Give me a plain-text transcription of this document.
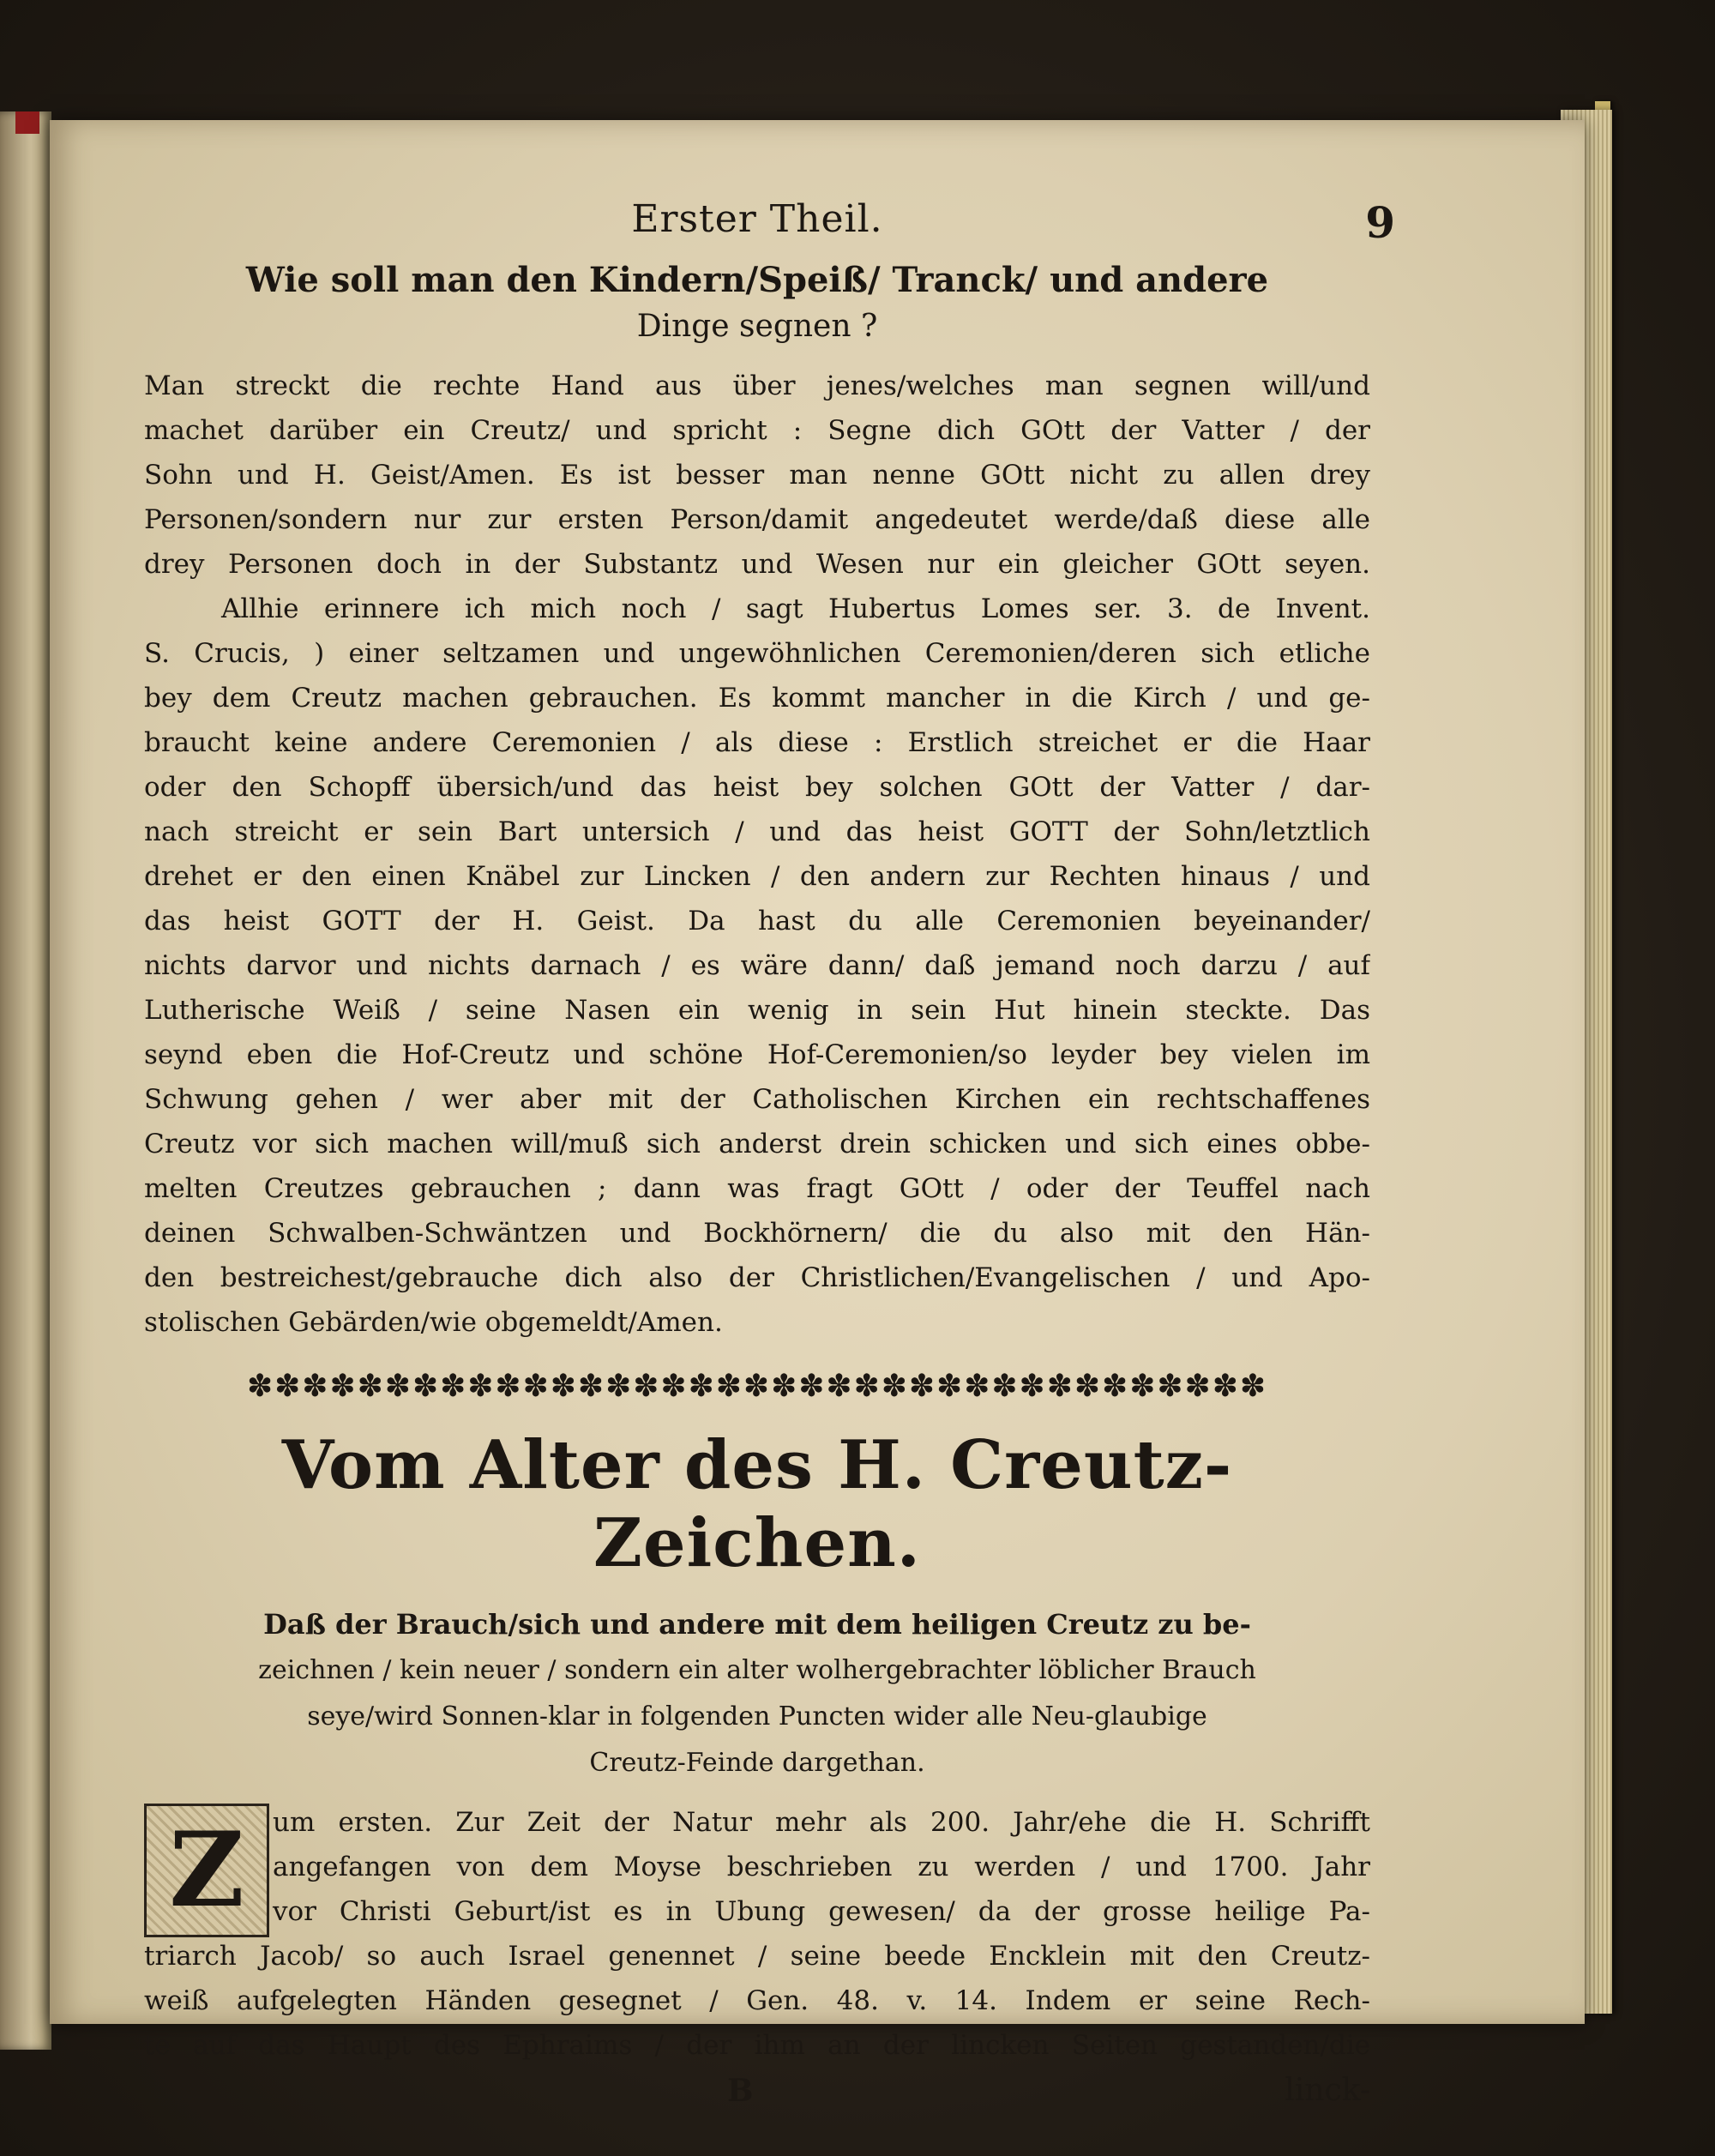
Erster Theil.	9
Wie soll man den Kindern/Speiß/ Tranck/ und andere
Dinge segnen ?
Man streckt die rechte Hand aus über jenes/welches man segnen will/und
machet darüber ein Creutz/ und spricht : Segne dich GOtt der Vatter / der
Sohn und H. Geist/Amen. Es ist besser man nenne GOtt nicht zu allen drey
Personen/sondern nur zur ersten Person/damit angedeutet werde/daß diese alle
drey Personen doch in der Substantz und Wesen nur ein gleicher GOtt seyen.
Allhie erinnere ich mich noch / sagt Hubertus Lomes ser. 3. de Invent.
S. Crucis, ) einer seltzamen und ungewöhnlichen Ceremonien/deren sich etliche
bey dem Creutz machen gebrauchen. Es kommt mancher in die Kirch / und ge-
braucht keine andere Ceremonien / als diese : Erstlich streichet er die Haar
oder den Schopff übersich/und das heist bey solchen GOtt der Vatter / dar-
nach streicht er sein Bart untersich / und das heist GOTT der Sohn/letztlich
drehet er den einen Knäbel zur Lincken / den andern zur Rechten hinaus / und
das heist GOTT der H. Geist. Da hast du alle Ceremonien beyeinander/
nichts darvor und nichts darnach / es wäre dann/ daß jemand noch darzu / auf
Lutherische Weiß / seine Nasen ein wenig in sein Hut hinein steckte. Das
seynd eben die Hof-Creutz und schöne Hof-Ceremonien/so leyder bey vielen im
Schwung gehen / wer aber mit der Catholischen Kirchen ein rechtschaffenes
Creutz vor sich machen will/muß sich anderst drein schicken und sich eines obbe-
melten Creutzes gebrauchen ; dann was fragt GOtt / oder der Teuffel nach
deinen Schwalben-Schwäntzen und Bockhörnern/ die du also mit den Hän-
den bestreichest/gebrauche dich also der Christlichen/Evangelischen / und Apo-
stolischen Gebärden/wie obgemeldt/Amen.
✽✽✽✽✽✽✽✽✽✽✽✽✽✽✽✽✽✽✽✽✽✽✽✽✽✽✽✽✽✽✽✽✽✽✽✽✽
Vom Alter des H. Creutz-Zeichen.
Daß der Brauch/sich und andere mit dem heiligen Creutz zu be-
zeichnen / kein neuer / sondern ein alter wolhergebrachter löblicher Brauch
seye/wird Sonnen-klar in folgenden Puncten wider alle Neu-glaubige
Creutz-Feinde dargethan.
Z	um ersten. Zur Zeit der Natur mehr als 200. Jahr/ehe die H. Schrifft
angefangen von dem Moyse beschrieben zu werden / und 1700. Jahr
vor Christi Geburt/ist es in Ubung gewesen/ da der grosse heilige Pa-
triarch Jacob/ so auch Israel genennet / seine beede Encklein mit den Creutz-
weiß aufgelegten Händen gesegnet / Gen. 48. v. 14. Indem er seine Rech-
te auf das Haupt des Ephraims / der ihm an der lincken Seiten gestanden/die
B	linck-
